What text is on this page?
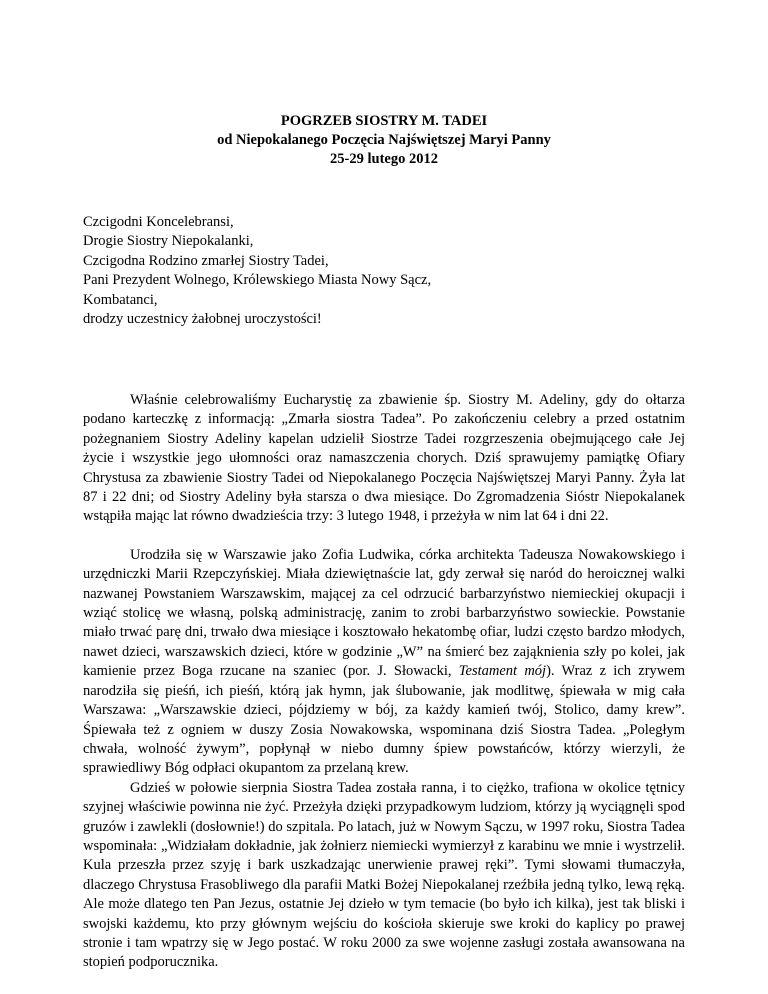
POGRZEB SIOSTRY M. TADEI
od Niepokalanego Poczęcia Najświętszej Maryi Panny
25-29 lutego 2012
Czcigodni Koncelebransi,
Drogie Siostry Niepokalanki,
Czcigodna Rodzino zmarłej Siostry Tadei,
Pani Prezydent Wolnego, Królewskiego Miasta Nowy Sącz,
Kombatanci,
drodzy uczestnicy żałobnej uroczystości!

Właśnie celebrowaliśmy Eucharystię za zbawienie śp. Siostry M. Adeliny, gdy do ołtarza podano karteczkę z informacją: „Zmarła siostra Tadea”. Po zakończeniu celebry a przed ostatnim pożegnaniem Siostry Adeliny kapelan udzielił Siostrze Tadei rozgrzeszenia obejmującego całe Jej życie i wszystkie jego ułomności oraz namaszczenia chorych. Dziś sprawujemy pamiątkę Ofiary Chrystusa za zbawienie Siostry Tadei od Niepokalanego Poczęcia Najświętszej Maryi Panny. Żyła lat 87 i 22 dni; od Siostry Adeliny była starsza o dwa miesiące. Do Zgromadzenia Sióstr Niepokalanek wstąpiła mając lat równo dwadzieścia trzy: 3 lutego 1948, i przeżyła w nim lat 64 i dni 22.

Urodziła się w Warszawie jako Zofia Ludwika, córka architekta Tadeusza Nowakowskiego i urzędniczki Marii Rzepczyńskiej. Miała dziewiętnaście lat, gdy zerwał się naród do heroicznej walki nazwanej Powstaniem Warszawskim, mającej za cel odrzucić barbarzyństwo niemieckiej okupacji i wziąć stolicę we własną, polską administrację, zanim to zrobi barbarzyństwo sowieckie. Powstanie miało trwać parę dni, trwało dwa miesiące i kosztowało hekatombę ofiar, ludzi często bardzo młodych, nawet dzieci, warszawskich dzieci, które w godzinie „W” na śmierć bez zająknienia szły po kolei, jak kamienie przez Boga rzucane na szaniec (por. J. Słowacki, Testament mój). Wraz z ich zrywem narodziła się pieśń, ich pieśń, którą jak hymn, jak ślubowanie, jak modlitwę, śpiewała w mig cała Warszawa: „Warszawskie dzieci, pójdziemy w bój, za każdy kamień twój, Stolico, damy krew”. Śpiewała też z ogniem w duszy Zosia Nowakowska, wspominana dziś Siostra Tadea. „Poległym chwała, wolność żywym”, popłynął w niebo dumny śpiew powstańców, którzy wierzyli, że sprawiedliwy Bóg odpłaci okupantom za przelaną krew.

Gdzieś w połowie sierpnia Siostra Tadea została ranna, i to ciężko, trafiona w okolice tętnicy szyjnej właściwie powinna nie żyć. Przeżyła dzięki przypadkowym ludziom, którzy ją wyciągnęli spod gruzów i zawlekli (dosłownie!) do szpitala. Po latach, już w Nowym Sączu, w 1997 roku, Siostra Tadea wspominała: „Widziałam dokładnie, jak żołnierz niemiecki wymierzył z karabinu we mnie i wystrzelił. Kula przeszła przez szyję i bark uszkadzając unerwienie prawej ręki”. Tymi słowami tłumaczyła, dlaczego Chrystusa Frasobliwego dla parafii Matki Bożej Niepokalanej rzeźbiła jedną tylko, lewą ręką. Ale może dlatego ten Pan Jezus, ostatnie Jej dzieło w tym temacie (bo było ich kilka), jest tak bliski i swojski każdemu, kto przy głównym wejściu do kościoła skieruje swe kroki do kaplicy po prawej stronie i tam wpatrzy się w Jego postać. W roku 2000 za swe wojenne zasługi została awansowana na stopień podporucznika.
